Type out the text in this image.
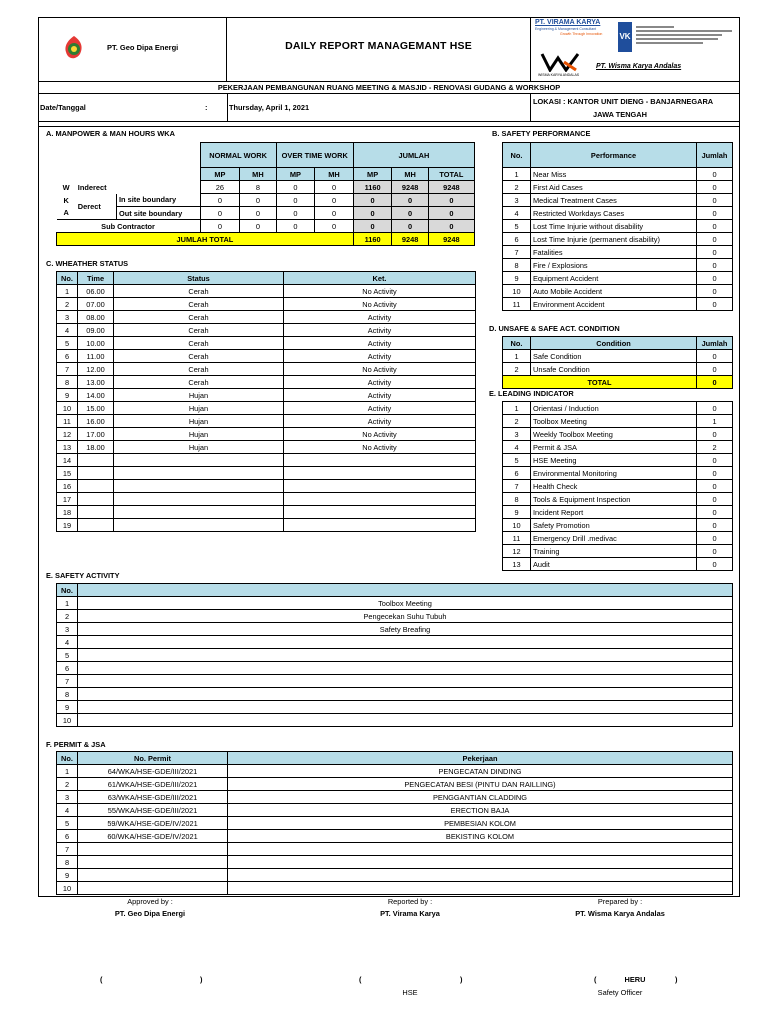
PT. Geo Dipa Energi	DAILY REPORT MANAGEMANT HSE
PT. VIRAMA KARYA
Engineering & Management Consultant
Growth Through Innovation VK
WISMA KARYA ANDALAS
PT. Wisma Karya Andalas
PEKERJAAN PEMBANGUNAN RUANG MEETING & MASJID - RENOVASI GUDANG & WORKSHOP
Date/Tanggal	:	Thursday, April 1, 2021
LOKASI : KANTOR UNIT DIENG - BANJARNEGARA
JAWA TENGAH
A. MANPOWER & MAN HOURS WKA
			NORMAL WORK		OVER TIME WORK		JUMLAH		
			MP	MH	MP	MH	MP	MH	TOTAL
W	Inderect		26	8	0	0	1160	9248	9248
K	Derect	In site boundary	0	0	0	0	0	0	0
A		Out site boundary	0	0	0	0	0	0	0
Sub Contractor			0	0	0	0	0	0	0
JUMLAH TOTAL							1160	9248	9248
B. SAFETY PERFORMANCE
No.	Performance	Jumlah
1	Near Miss	0
2	First Aid Cases	0
3	Medical Treatment Cases	0
4	Restricted Workdays Cases	0
5	Lost Time Injurie without disability	0
6	Lost Time Injurie (permanent disability)	0
7	Fatalities	0
8	Fire / Explosions	0
9	Equipment Accident	0
10	Auto Mobile Accident	0
11	Environment Accident	0
C. WHEATHER STATUS
No.	Time	Status	Ket.
1	06.00	Cerah	No Activity
2	07.00	Cerah	No Activity
3	08.00	Cerah	Activity
4	09.00	Cerah	Activity
5	10.00	Cerah	Activity
6	11.00	Cerah	Activity
7	12.00	Cerah	No Activity
8	13.00	Cerah	Activity
9	14.00	Hujan	Activity
10	15.00	Hujan	Activity
11	16.00	Hujan	Activity
12	17.00	Hujan	No Activity
13	18.00	Hujan	No Activity
14			
15			
16			
17			
18			
19			
D. UNSAFE & SAFE ACT. CONDITION
No.	Condition	Jumlah
1	Safe Condition	0
2	Unsafe Condition	0
TOTAL		0
E. LEADING INDICATOR
1	Orientasi / Induction	0
2	Toolbox Meeting	1
3	Weekly Toolbox Meeting	0
4	Permit & JSA	2
5	HSE Meeting	0
6	Environmental Monitoring	0
7	Health Check	0
8	Tools & Equipment Inspection	0
9	Incident Report	0
10	Safety Promotion	0
11	Emergency Drill .medivac	0
12	Training	0
13	Audit	0
E. SAFETY ACTIVITY
No.	
1	Toolbox Meeting
2	Pengecekan Suhu Tubuh
3	Safety Breafing
4	
5	
6	
7	
8	
9	
10	
F. PERMIT & JSA
No.	No. Permit	Pekerjaan
1	64/WKA/HSE-GDE/III/2021	PENGECATAN DINDING
2	61/WKA/HSE-GDE/III/2021	PENGECATAN BESI (PINTU DAN RAILLING)
3	63/WKA/HSE-GDE/III/2021	PENGGANTIAN CLADDING
4	55/WKA/HSE-GDE/III/2021	ERECTION BAJA
5	59/WKA/HSE-GDE/IV/2021	PEMBESIAN KOLOM
6	60/WKA/HSE-GDE/IV/2021	BEKISTING KOLOM
7		
8		
9		
10		
Approved by :
PT. Geo Dipa Energi
(	)
Reported by :
PT. Virama Karya
(	)
HSE
Prepared by :
PT. Wisma Karya Andalas
(	)
HERU
Safety Officer
